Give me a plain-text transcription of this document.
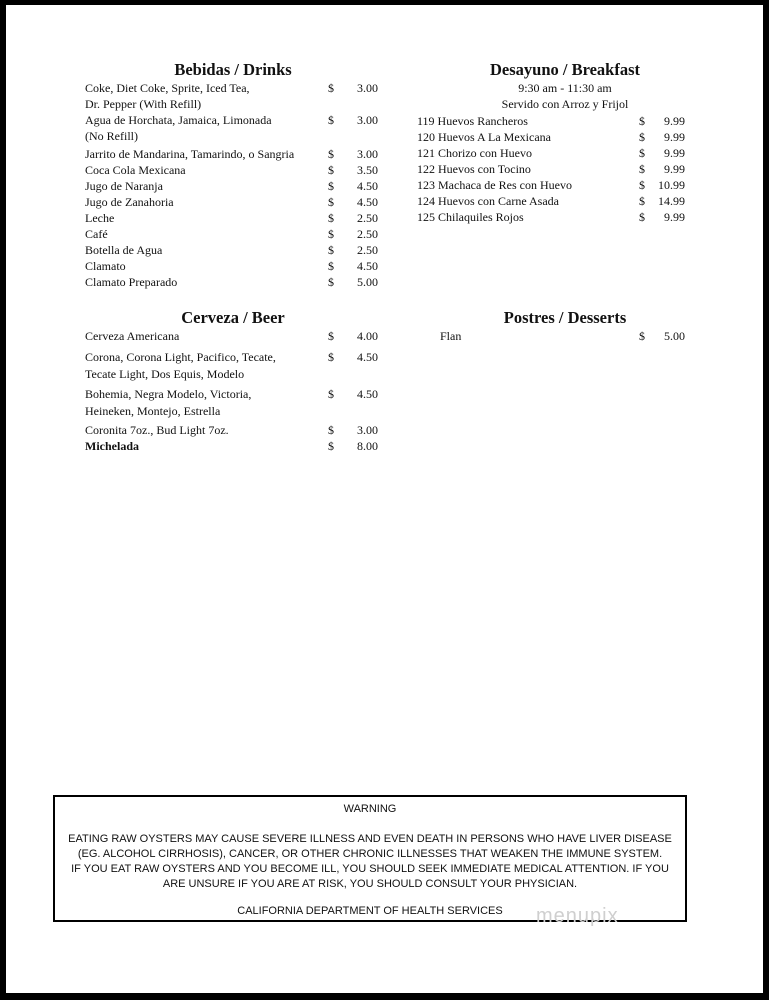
Bebidas / Drinks
Coke, Diet Coke, Sprite, Iced Tea,
Dr. Pepper (With Refill)
$	3.00
Agua de Horchata, Jamaica, Limonada
(No Refill)
$	3.00
Jarrito de Mandarina, Tamarindo, o Sangria	$	3.00
Coca Cola Mexicana	$	3.50
Jugo de Naranja	$	4.50
Jugo de Zanahoria	$	4.50
Leche	$	2.50
Café	$	2.50
Botella de Agua	$	2.50
Clamato	$	4.50
Clamato Preparado	$	5.00
Cerveza / Beer
Cerveza Americana	$	4.00
Corona, Corona Light, Pacifico, Tecate,
Tecate Light, Dos Equis, Modelo
$	4.50
Bohemia, Negra Modelo, Victoria,
Heineken, Montejo, Estrella
$	4.50
Coronita 7oz., Bud Light 7oz.	$	3.00
Michelada	$	8.00
Desayuno / Breakfast
9:30 am - 11:30 am
Servido con Arroz y Frijol
119 Huevos Rancheros	$	9.99
120 Huevos A La Mexicana	$	9.99
121 Chorizo con Huevo	$	9.99
122 Huevos con Tocino	$	9.99
123 Machaca de Res con Huevo	$	10.99
124 Huevos con Carne Asada	$	14.99
125 Chilaquiles Rojos	$	9.99
Postres / Desserts
Flan	$	5.00
WARNING
EATING RAW OYSTERS MAY CAUSE SEVERE ILLNESS AND EVEN DEATH IN PERSONS WHO HAVE LIVER DISEASE
(EG. ALCOHOL CIRRHOSIS), CANCER, OR OTHER CHRONIC ILLNESSES THAT WEAKEN THE IMMUNE SYSTEM.
IF YOU EAT RAW OYSTERS AND YOU BECOME ILL, YOU SHOULD SEEK IMMEDIATE MEDICAL ATTENTION. IF YOU
ARE UNSURE IF YOU ARE AT RISK, YOU SHOULD CONSULT YOUR PHYSICIAN.
CALIFORNIA DEPARTMENT OF HEALTH SERVICES	menupix
